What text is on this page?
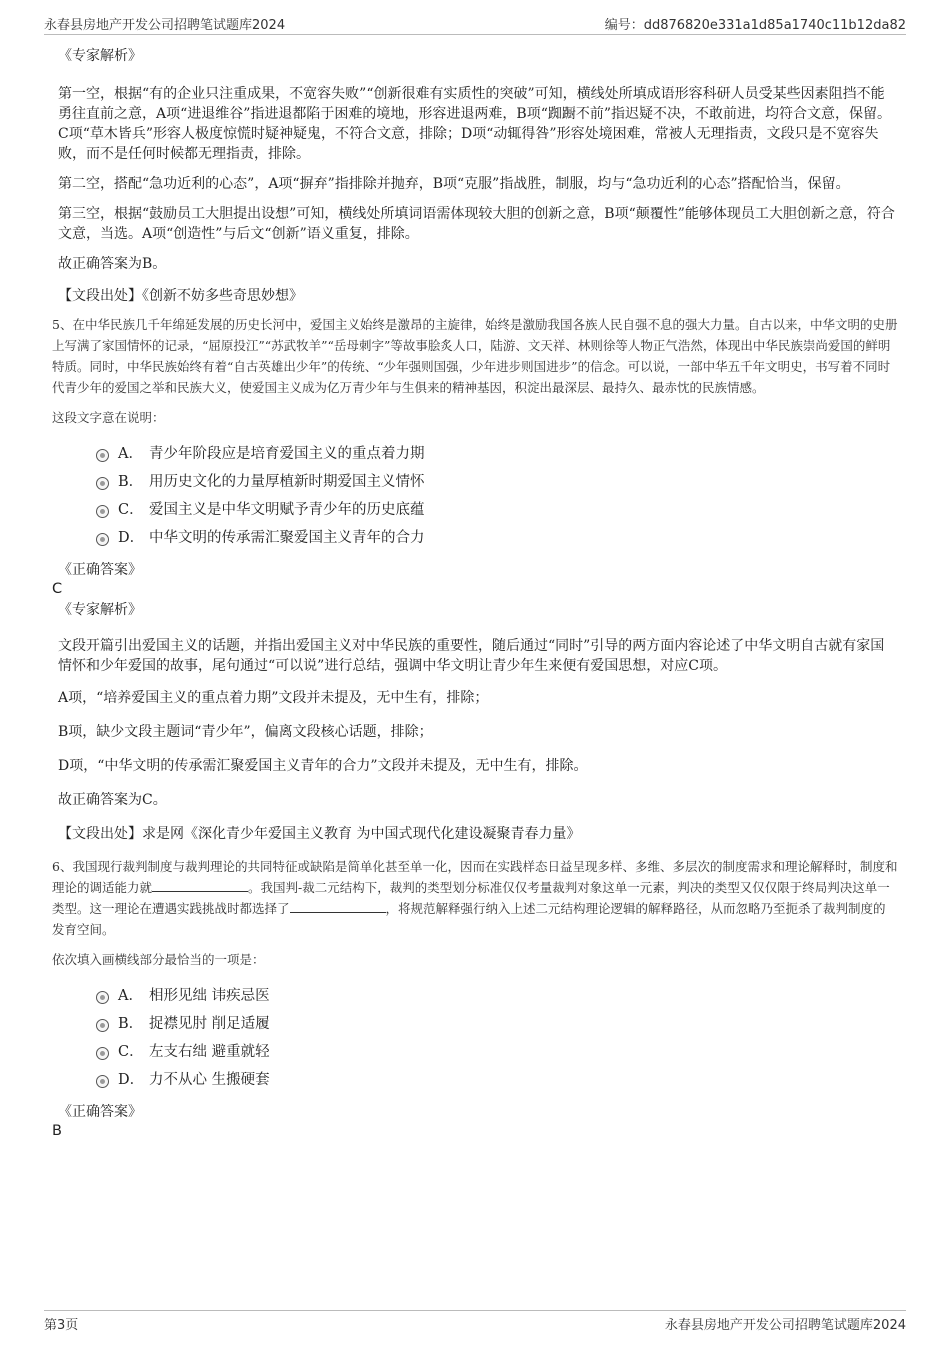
永春县房地产开发公司招聘笔试题库2024	编号：dd876820e331a1d85a1740c11b12da82
《专家解析》

第一空，根据“有的企业只注重成果，不宽容失败”“创新很难有实质性的突破”可知，横线处所填成语形容科研人员受某些因素阻挡不能勇往直前之意，A项“进退维谷”指进退都陷于困难的境地，形容进退两难，B项“踟蹰不前”指迟疑不决，不敢前进，均符合文意，保留。C项“草木皆兵”形容人极度惊慌时疑神疑鬼，不符合文意，排除；D项“动辄得咎”形容处境困难，常被人无理指责，文段只是不宽容失败，而不是任何时候都无理指责，排除。

第二空，搭配“急功近利的心态”，A项“摒弃”指排除并抛弃，B项“克服”指战胜，制服，均与“急功近利的心态”搭配恰当，保留。

第三空，根据“鼓励员工大胆提出设想”可知，横线处所填词语需体现较大胆的创新之意，B项“颠覆性”能够体现员工大胆创新之意，符合文意，当选。A项“创造性”与后文“创新”语义重复，排除。

故正确答案为B。

【文段出处】《创新不妨多些奇思妙想》

5、在中华民族几千年绵延发展的历史长河中，爱国主义始终是激昂的主旋律，始终是激励我国各族人民自强不息的强大力量。自古以来，中华文明的史册上写满了家国情怀的记录，“屈原投江”“苏武牧羊”“岳母刺字”等故事脍炙人口，陆游、文天祥、林则徐等人物正气浩然，体现出中华民族崇尚爱国的鲜明特质。同时，中华民族始终有着“自古英雄出少年”的传统、“少年强则国强，少年进步则国进步”的信念。可以说，一部中华五千年文明史，书写着不同时代青少年的爱国之举和民族大义，使爱国主义成为亿万青少年与生俱来的精神基因，积淀出最深层、最持久、最赤忱的民族情感。

这段文字意在说明：

A． 青少年阶段应是培育爱国主义的重点着力期
B． 用历史文化的力量厚植新时期爱国主义情怀
C． 爱国主义是中华文明赋予青少年的历史底蕴
D． 中华文明的传承需汇聚爱国主义青年的合力
《正确答案》
C
《专家解析》

文段开篇引出爱国主义的话题，并指出爱国主义对中华民族的重要性，随后通过“同时”引导的两方面内容论述了中华文明自古就有家国情怀和少年爱国的故事，尾句通过“可以说”进行总结，强调中华文明让青少年生来便有爱国思想，对应C项。

A项，“培养爱国主义的重点着力期”文段并未提及，无中生有，排除；

B项，缺少文段主题词“青少年”，偏离文段核心话题，排除；

D项，“中华文明的传承需汇聚爱国主义青年的合力”文段并未提及，无中生有，排除。

故正确答案为C。

【文段出处】求是网《深化青少年爱国主义教育 为中国式现代化建设凝聚青春力量》

6、我国现行裁判制度与裁判理论的共同特征或缺陷是简单化甚至单一化，因而在实践样态日益呈现多样、多维、多层次的制度需求和理论解释时，制度和理论的调适能力就	。我国判-裁二元结构下，裁判的类型划分标准仅仅考量裁判对象这单一元素，判决的类型又仅仅限于终局判决这单一类型。这一理论在遭遇实践挑战时都选择了	，将规范解释强行纳入上述二元结构理论逻辑的解释路径，从而忽略乃至扼杀了裁判制度的发育空间。

依次填入画横线部分最恰当的一项是：

A． 相形见绌 讳疾忌医
B． 捉襟见肘 削足适履
C． 左支右绌 避重就轻
D． 力不从心 生搬硬套
《正确答案》
B
第3页	永春县房地产开发公司招聘笔试题库2024
